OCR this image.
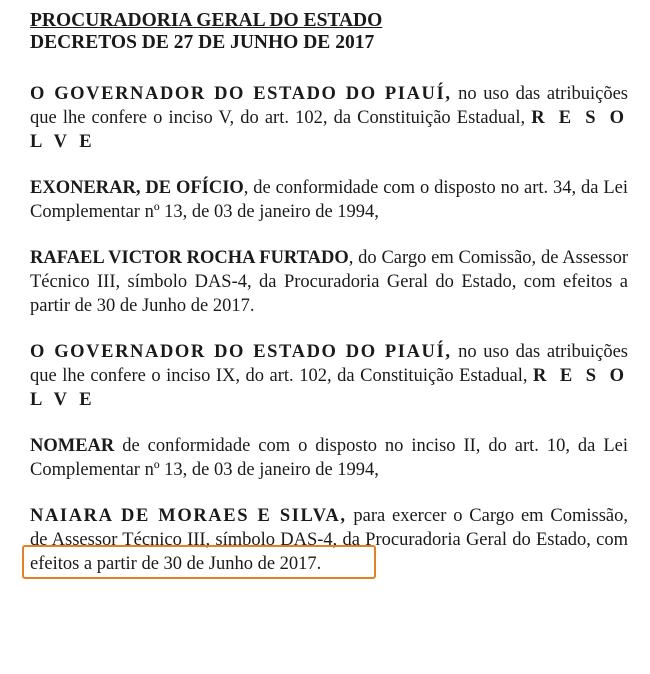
PROCURADORIA GERAL DO ESTADO
DECRETOS DE 27 DE JUNHO DE 2017

O GOVERNADOR DO ESTADO DO PIAUÍ, no uso das atribuições que lhe confere o inciso V, do art. 102, da Constituição Estadual, R E S O L V E

EXONERAR, DE OFÍCIO, de conformidade com o disposto no art. 34, da Lei Complementar nº 13, de 03 de janeiro de 1994,

RAFAEL VICTOR ROCHA FURTADO, do Cargo em Comissão, de Assessor Técnico III, símbolo DAS-4, da Procuradoria Geral do Estado, com efeitos a partir de 30 de Junho de 2017.

O GOVERNADOR DO ESTADO DO PIAUÍ, no uso das atribuições que lhe confere o inciso IX, do art. 102, da Constituição Estadual, R E S O L V E

NOMEAR de conformidade com o disposto no inciso II, do art. 10, da Lei Complementar nº 13, de 03 de janeiro de 1994,

NAIARA DE MORAES E SILVA, para exercer o Cargo em Comissão, de Assessor Técnico III, símbolo DAS-4, da Procuradoria Geral do Estado, com efeitos a partir de 30 de Junho de 2017.
